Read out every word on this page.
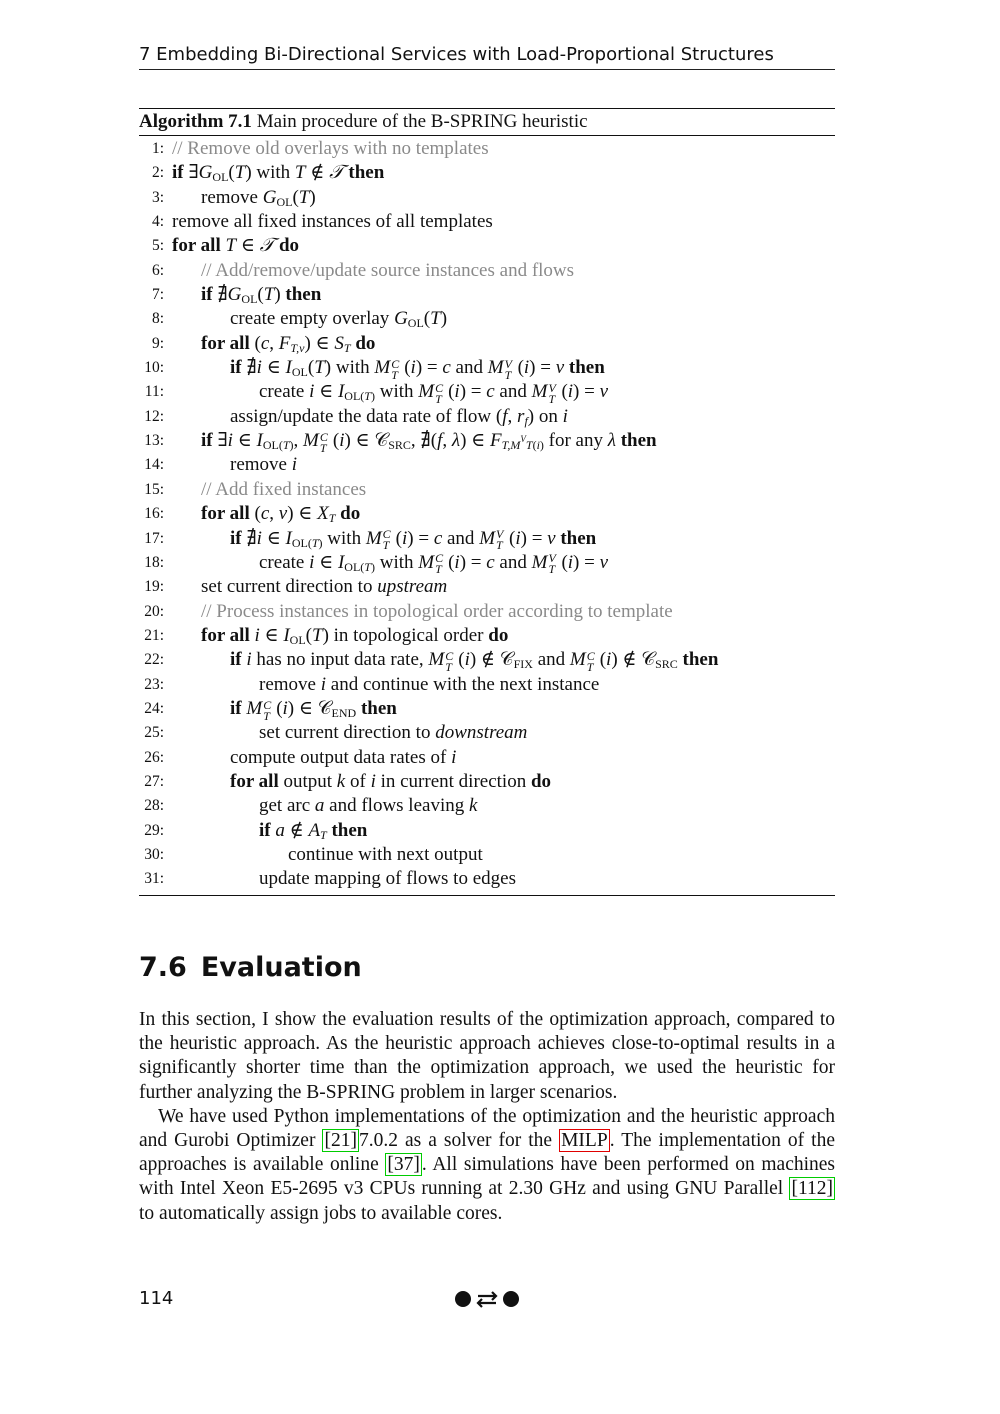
7 Embedding Bi-Directional Services with Load-Proportional Structures
Algorithm 7.1 Main procedure of the B-SPRING heuristic
1: // Remove old overlays with no templates
2: if $\exists G_{OL}(T)$ with T ∉ 𝒯 then
3: remove $G_{OL}(T)$
4: remove all fixed instances of all templates
5: for all T ∈ 𝒯 do
6: // Add/remove/update source instances and flows
7: if $∄G_{OL}(T)$ then
8:	create empty overlay $G_{OL}(T)$
9: for all (c, $F_{T,v}$) ∈ $S_T$ do
10:	if ∄i ∈ $I_{OL}(T)$ with M C
T (i) = c and M V
T (i) = v then
11:	create i ∈ $I_{OL(T)}$ with M C
T (i) = c and M V
T (i) = v
12:	assign/update the data rate of flow (f, $r_f$) on i
13: if ∃i ∈ $I_{OL(T)}$, M C
T (i) ∈ 𝒞$_{SRC}$, ∄(f, λ) ∈ $F_{T,M^VT(i)}$ for any λ then
14:	remove i
15: // Add fixed instances
16: for all (c, v) ∈ $X_T$ do
17:	if ∄i ∈ $I_{OL(T)}$ with M C
T (i) = c and M V
T (i) = v then
18:	create i ∈ $I_{OL(T)}$ with M C
T (i) = c and M V
T (i) = v
19: set current direction to upstream
20: // Process instances in topological order according to template
21: for all i ∈ $I_{OL}(T)$ in topological order do
22:	if i has no input data rate, M C
T (i) ∉ 𝒞$_{FIX}$ and M C
T (i) ∉ 𝒞$_{SRC}$ then
23:	remove i and continue with the next instance
24:	if M C
T (i) ∈ 𝒞$_{END}$ then
25:	set current direction to downstream
26:	compute output data rates of i
27:	for all output k of i in current direction do
28:	get arc a and flows leaving k
29:	if a ∉ $A_T$ then
30:	continue with next output
31:	update mapping of flows to edges
7.6 Evaluation

In this section, I show the evaluation results of the optimization approach, compared to the heuristic approach. As the heuristic approach achieves close-to-optimal results in a significantly shorter time than the optimization approach, we used the heuristic for further analyzing the B-SPRING problem in larger scenarios.

We have used Python implementations of the optimization and the heuristic approach and Gurobi Optimizer [21] 7.0.2 as a solver for the MILP . The implementation of the approaches is available online [37] . All simulations have been performed on machines with Intel Xeon E5-2695 v3 CPUs running at 2.30 GHz and using GNU Parallel [112] to automatically assign jobs to available cores.

114
